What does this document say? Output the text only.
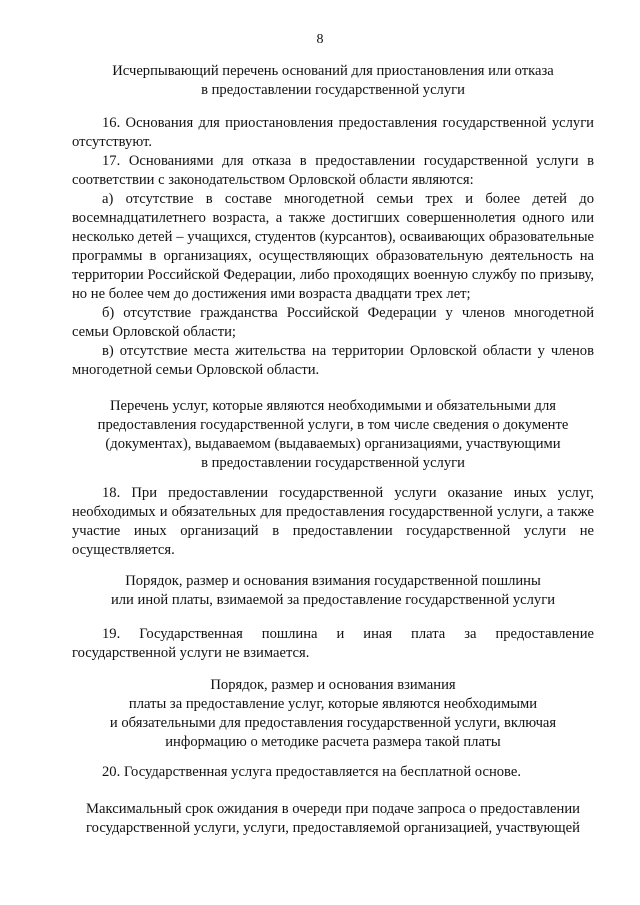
8
Исчерпывающий перечень оснований для приостановления или отказа
в предоставлении государственной услуги

16. Основания для приостановления предоставления государственной услуги отсутствуют.

17. Основаниями для отказа в предоставлении государственной услуги в соответствии с законодательством Орловской области являются:

а) отсутствие в составе многодетной семьи трех и более детей до восемнадцатилетнего возраста, а также достигших совершеннолетия одного или несколько детей – учащихся, студентов (курсантов), осваивающих образовательные программы в организациях, осуществляющих образовательную деятельность на территории Российской Федерации, либо проходящих военную службу по призыву, но не более чем до достижения ими возраста двадцати трех лет;

б) отсутствие гражданства Российской Федерации у членов многодетной семьи Орловской области;

в) отсутствие места жительства на территории Орловской области у членов многодетной семьи Орловской области.

Перечень услуг, которые являются необходимыми и обязательными для
предоставления государственной услуги, в том числе сведения о документе
(документах), выдаваемом (выдаваемых) организациями, участвующими
в предоставлении государственной услуги

18. При предоставлении государственной услуги оказание иных услуг, необходимых и обязательных для предоставления государственной услуги, а также участие иных организаций в предоставлении государственной услуги не осуществляется.

Порядок, размер и основания взимания государственной пошлины
или иной платы, взимаемой за предоставление государственной услуги

19. Государственная пошлина и иная плата за предоставление государственной услуги не взимается.

Порядок, размер и основания взимания
платы за предоставление услуг, которые являются необходимыми
и обязательными для предоставления государственной услуги, включая
информацию о методике расчета размера такой платы

20. Государственная услуга предоставляется на бесплатной основе.

Максимальный срок ожидания в очереди при подаче запроса о предоставлении
государственной услуги, услуги, предоставляемой организацией, участвующей
